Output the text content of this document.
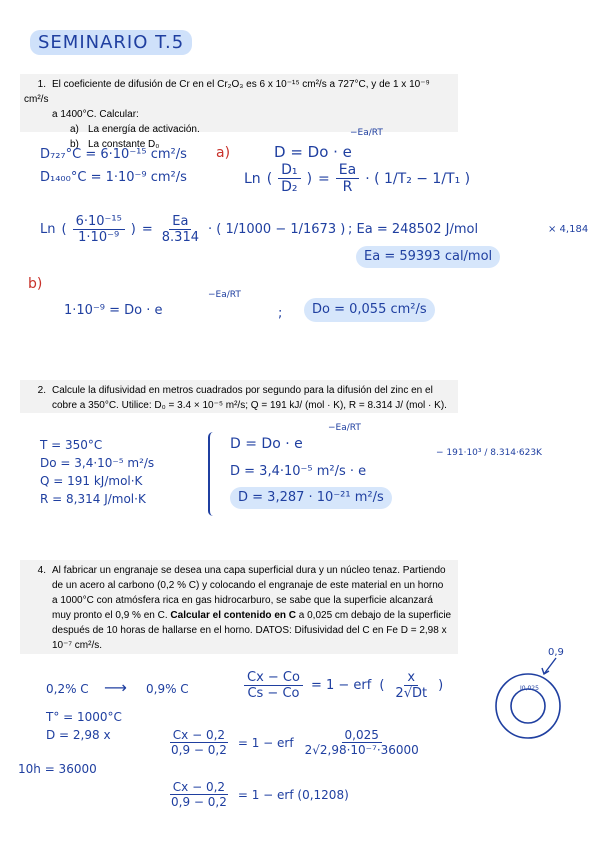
SEMINARIO T.5
1. El coeficiente de difusión de Cr en el Cr₂O₃ es 6 x 10⁻¹⁵ cm²/s a 727°C, y de 1 x 10⁻⁹ cm²/s
a 1400°C. Calcular:
a) La energía de activación.
b) La constante D₀
D₇₂₇°C = 6·10⁻¹⁵ cm²/s
D₁₄₀₀°C = 1·10⁻⁹ cm²/s
a)	D = Do · e
−Ea/RT
Ln ( $\frac{\text{D₁}}{\text{D₂}}$ ) = $\frac{Ea}{R}$ · ( 1/T₂ − 1/T₁ )
Ln ( $\frac{\text{6·10⁻¹⁵}}{\text{1·10⁻⁹}}$ ) = $\frac{Ea}{8.314}$ · ( 1/1000 − 1/1673 ) ; Ea = 248502 J/mol	× 4,184
Ea = 59393 cal/mol
b)
1·10⁻⁹ = Do · e
−Ea/RT
;	Do = 0,055 cm²/s
2. Calcule la difusividad en metros cuadrados por segundo para la difusión del zinc en el
cobre a 350°C. Utilice: D₀ = 3.4 × 10⁻⁵ m²/s; Q = 191 kJ/ (mol · K), R = 8.314 J/ (mol · K).
T = 350°C
Do = 3,4·10⁻⁵ m²/s
Q = 191 kJ/mol·K
R = 8,314 J/mol·K
D = Do · e
−Ea/RT
D = 3,4·10⁻⁵ m²/s · e
− 191·10³ / 8.314·623K
D = 3,287 · 10⁻²¹ m²/s
4. Al fabricar un engranaje se desea una capa superficial dura y un núcleo tenaz. Partiendo
de un acero al carbono (0,2 % C) y colocando el engranaje de este material en un horno
a 1000°C con atmósfera rica en gas hidrocarburo, se sabe que la superficie alcanzará
muy pronto el 0,9 % en C. Calcular el contenido en C a 0,025 cm debajo de la superficie
después de 10 horas de hallarse en el horno. DATOS: Difusividad del C en Fe D = 2,98 x
10⁻⁷ cm²/s.
0,2% C ⟶ 0,9% C
T° = 1000°C
D = 2,98 x
10h = 36000
$\frac{Cx - Co}{Cs - Co} = 1$ − erf ( $\frac{x}{2√Dt}$ )
$\frac{Cx - 0,2}{0,9 - 0,2} = 1$ − erf $\frac{0,025}{\text{2√2,98·10⁻⁷·36000}}$
$\frac{Cx - 0,2}{0,9 - 0,2} = 1$ − erf (0,1208)
0,9
I0,025
